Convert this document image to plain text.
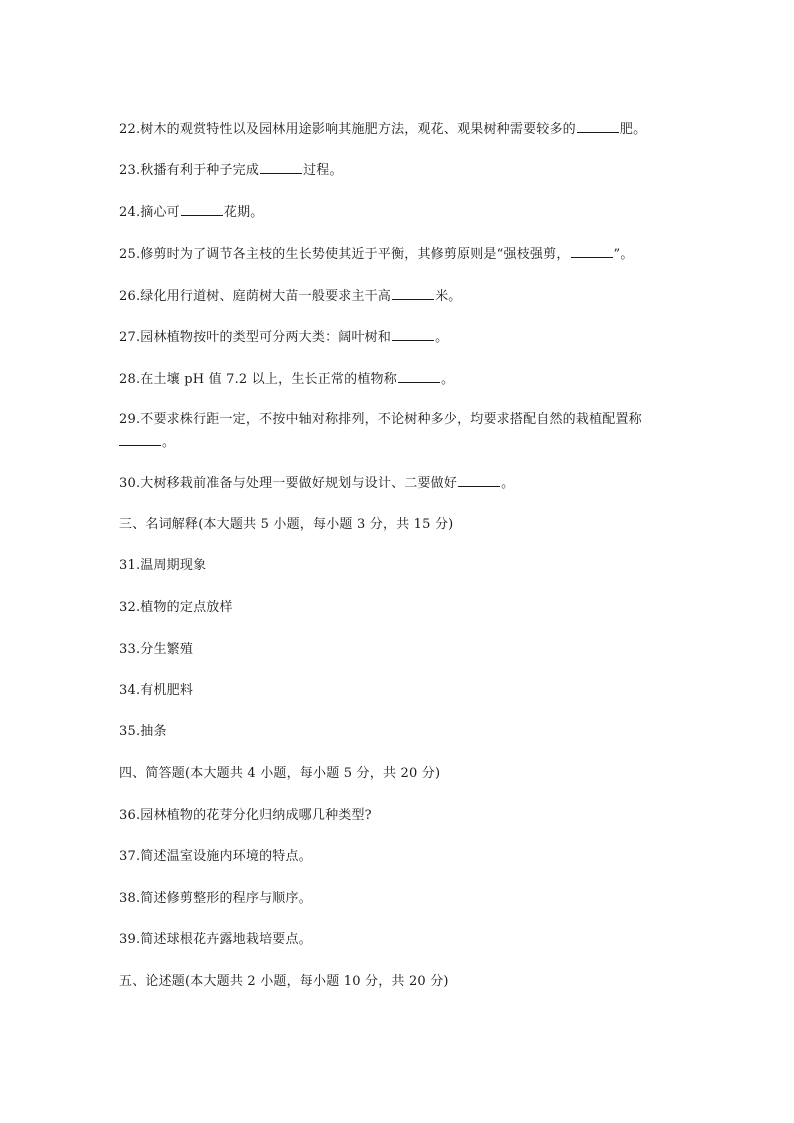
22.树木的观赏特性以及园林用途影响其施肥方法，观花、观果树种需要较多的	肥。
23.秋播有利于种子完成	过程。
24.摘心可	花期。
25.修剪时为了调节各主枝的生长势使其近于平衡，其修剪原则是“强枝强剪，	”。
26.绿化用行道树、庭荫树大苗一般要求主干高	米。
27.园林植物按叶的类型可分两大类：阔叶树和	。
28.在土壤 pH 值 7.2 以上，生长正常的植物称	。
29.不要求株行距一定，不按中轴对称排列，不论树种多少，均要求搭配自然的栽植配置称
。
30.大树移栽前准备与处理一要做好规划与设计、二要做好	。
三、名词解释(本大题共 5 小题，每小题 3 分，共 15 分)
31.温周期现象
32.植物的定点放样
33.分生繁殖
34.有机肥料
35.抽条
四、简答题(本大题共 4 小题，每小题 5 分，共 20 分)
36.园林植物的花芽分化归纳成哪几种类型?
37.简述温室设施内环境的特点。
38.简述修剪整形的程序与顺序。
39.简述球根花卉露地栽培要点。
五、论述题(本大题共 2 小题，每小题 10 分，共 20 分)
